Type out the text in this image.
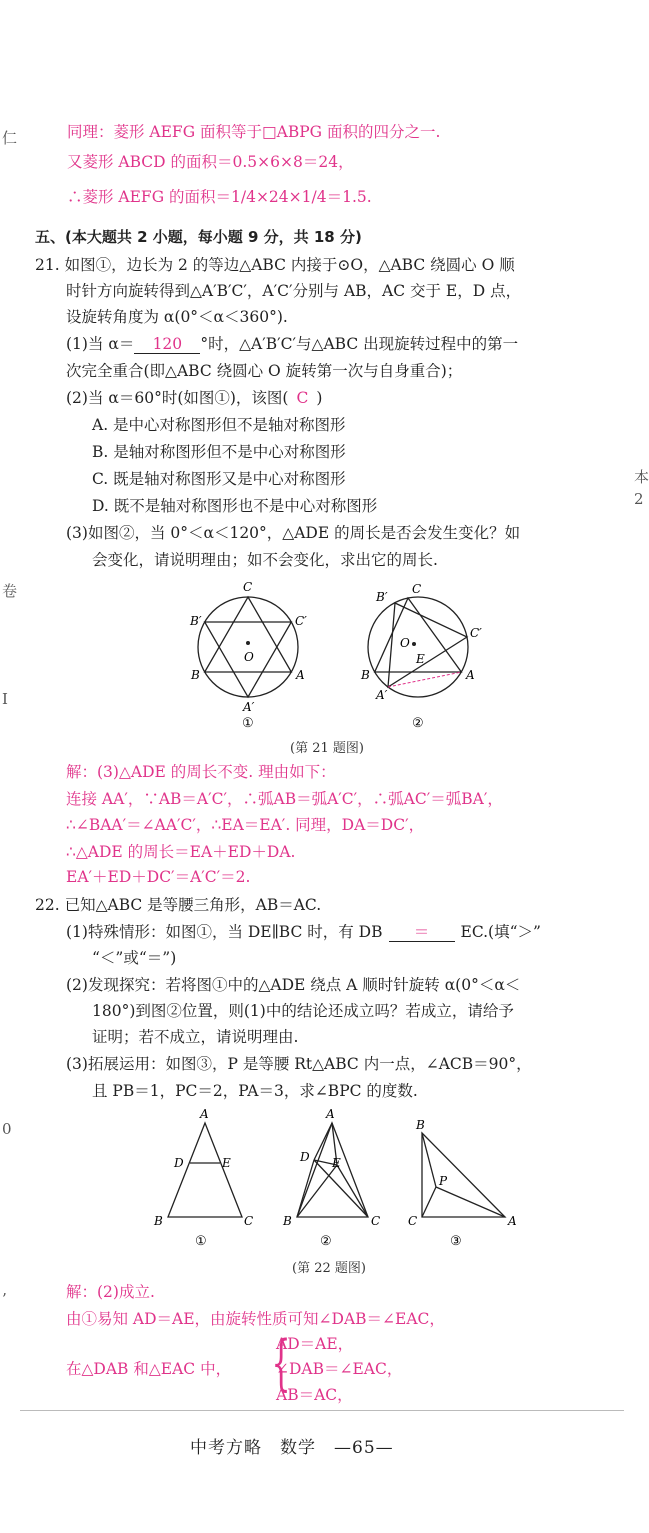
仁
本
2
卷
Ⅰ
0
’
同理：菱形 AEFG 面积等于□ABPG 面积的四分之一.
又菱形 ABCD 的面积＝0.5×6×8＝24，
∴菱形 AEFG 的面积＝1/4×24×1/4＝1.5.
五、(本大题共 2 小题，每小题 9 分，共 18 分)
21. 如图①，边长为 2 的等边△ABC 内接于⊙O，△ABC 绕圆心 O 顺
时针方向旋转得到△A′B′C′，A′C′分别与 AB，AC 交于 E，D 点，
设旋转角度为 α(0°＜α＜360°).
(1)当 α＝ 120 °时，△A′B′C′与△ABC 出现旋转过程中的第一
次完全重合(即△ABC 绕圆心 O 旋转第一次与自身重合)；
(2)当 α＝60°时(如图①)，该图( C )
A. 是中心对称图形但不是轴对称图形
B. 是轴对称图形但不是中心对称图形
C. 既是轴对称图形又是中心对称图形
D. 既不是轴对称图形也不是中心对称图形
(3)如图②，当 0°＜α＜120°，△ADE 的周长是否会发生变化？如
会变化，请说明理由；如不会变化，求出它的周长.
O
C
B′	C′
B	A
A′
O
E
C
B′
C′
B	A
A′
①	②
(第 21 题图)
解：(3)△ADE 的周长不变. 理由如下：
连接 AA′，∵AB＝A′C′，∴弧AB＝弧A′C′，∴弧AC′＝弧BA′，
∴∠BAA′＝∠AA′C′，∴EA＝EA′. 同理，DA＝DC′，
∴△ADE 的周长＝EA＋ED＋DA.
EA′＋ED＋DC′＝A′C′＝2.
22. 已知△ABC 是等腰三角形，AB＝AC.
(1)特殊情形：如图①，当 DE∥BC 时，有 DB ＝ EC.(填“＞”
“＜”或“＝”)
(2)发现探究：若将图①中的△ADE 绕点 A 顺时针旋转 α(0°＜α＜
180°)到图②位置，则(1)中的结论还成立吗？若成立，请给予
证明；若不成立，请说明理由.
(3)拓展运用：如图③，P 是等腰 Rt△ABC 内一点，∠ACB＝90°，
且 PB＝1，PC＝2，PA＝3，求∠BPC 的度数.
A
D	E
B	C
A
D E
B	C
B
P
C	A
①	②	③
(第 22 题图)
解：(2)成立.
由①易知 AD＝AE，由旋转性质可知∠DAB＝∠EAC，
在△DAB 和△EAC 中， {
AD＝AE，
∠DAB＝∠EAC，
AB＝AC，
中考方略　数学　—65—
